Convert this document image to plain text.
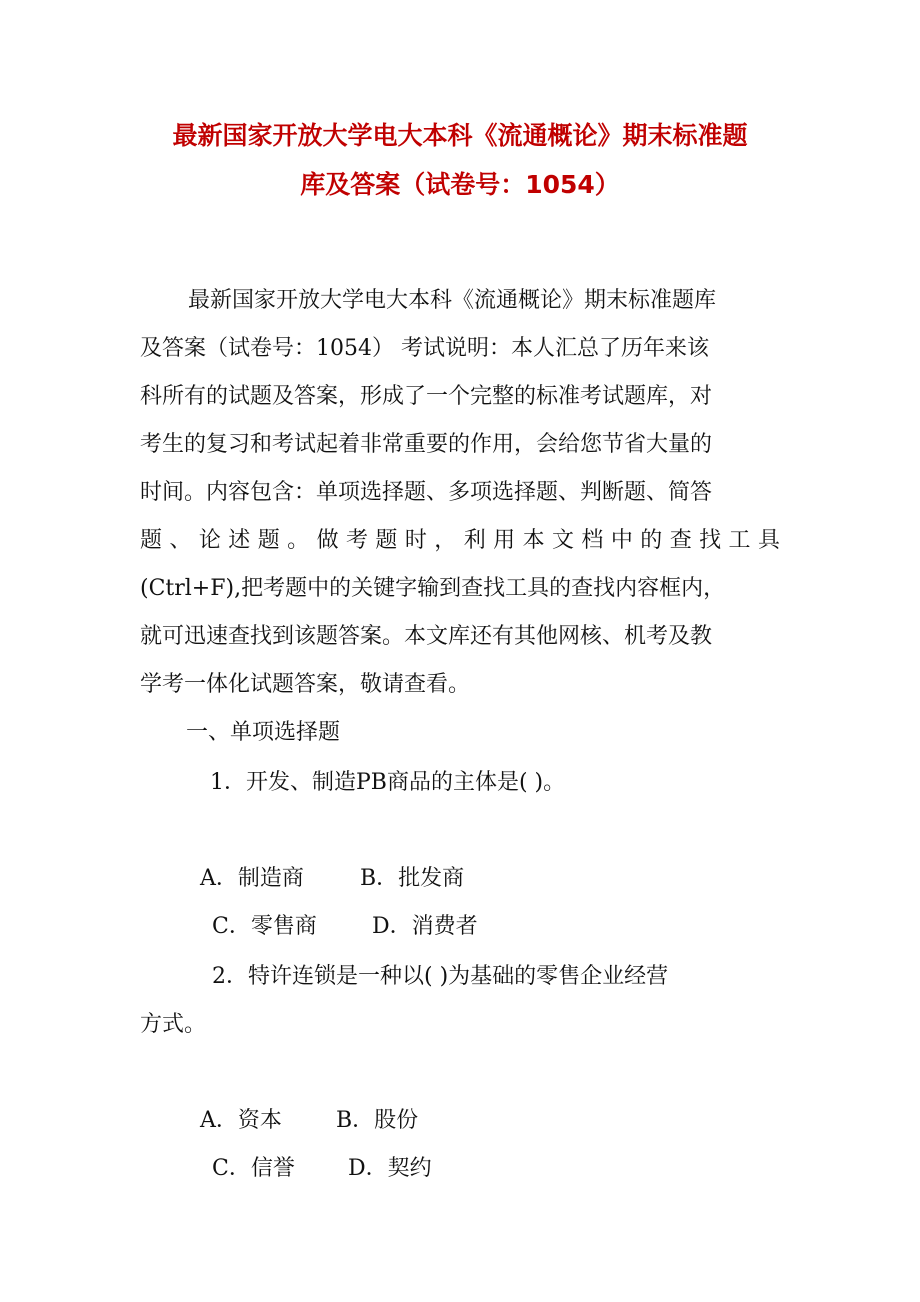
最新国家开放大学电大本科《流通概论》期末标准题
库及答案（试卷号：1054）
最新国家开放大学电大本科《流通概论》期末标准题库
及答案（试卷号：1054） 考试说明：本人汇总了历年来该
科所有的试题及答案，形成了一个完整的标准考试题库，对
考生的复习和考试起着非常重要的作用，会给您节省大量的
时间。内容包含：单项选择题、多项选择题、判断题、简答
题、论述题。做考题时，利用本文档中的查找工具
(Ctrl+F),把考题中的关键字输到查找工具的查找内容框内，
就可迅速查找到该题答案。本文库还有其他网核、机考及教
学考一体化试题答案，敬请查看。
一、单项选择题
1．开发、制造PB商品的主体是( )。
A．制造商	B．批发商
C．零售商	D．消费者
2．特许连锁是一种以( )为基础的零售企业经营
方式。
A．资本 B．股份
C．信誉 D．契约
